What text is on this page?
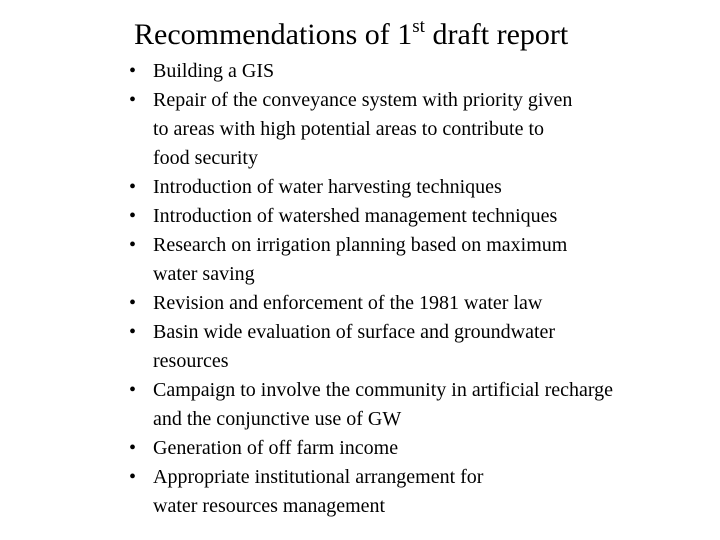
Recommendations of 1st draft report
• Building a GIS
• Repair of the conveyance system with priority given
to areas with high potential areas to contribute to
food security
• Introduction of water harvesting techniques
• Introduction of watershed management techniques
• Research on irrigation planning based on maximum
water saving
• Revision and enforcement of the 1981 water law
• Basin wide evaluation of surface and groundwater
resources
• Campaign to involve the community in artificial recharge
and the conjunctive use of GW
• Generation of off farm income
• Appropriate institutional arrangement for
water resources management
